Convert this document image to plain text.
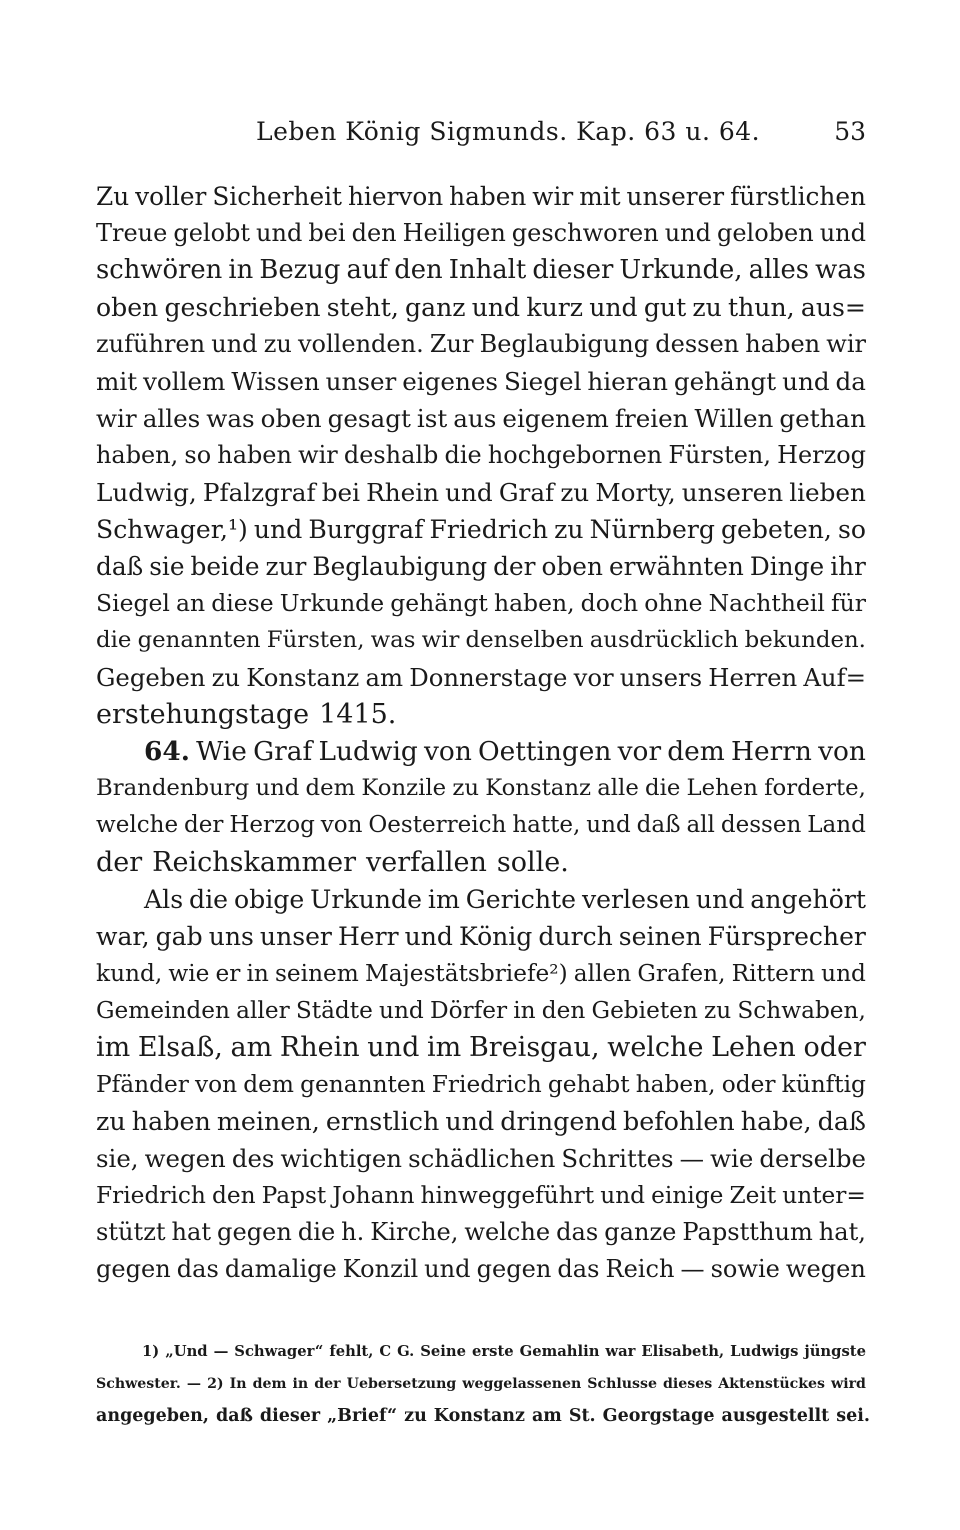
Leben König Sigmunds. Kap. 63 u. 64.	53
Zu voller Sicherheit hiervon haben wir mit unserer fürstlichen
Treue gelobt und bei den Heiligen geschworen und geloben und
schwören in Bezug auf den Inhalt dieser Urkunde, alles was
oben geschrieben steht, ganz und kurz und gut zu thun, aus=
zuführen und zu vollenden. Zur Beglaubigung dessen haben wir
mit vollem Wissen unser eigenes Siegel hieran gehängt und da
wir alles was oben gesagt ist aus eigenem freien Willen gethan
haben, so haben wir deshalb die hochgebornen Fürsten, Herzog
Ludwig, Pfalzgraf bei Rhein und Graf zu Morty, unseren lieben
Schwager,¹) und Burggraf Friedrich zu Nürnberg gebeten, so
daß sie beide zur Beglaubigung der oben erwähnten Dinge ihr
Siegel an diese Urkunde gehängt haben, doch ohne Nachtheil für
die genannten Fürsten, was wir denselben ausdrücklich bekunden.
Gegeben zu Konstanz am Donnerstage vor unsers Herren Auf=
erstehungstage 1415.
64. Wie Graf Ludwig von Oettingen vor dem Herrn von
Brandenburg und dem Konzile zu Konstanz alle die Lehen forderte,
welche der Herzog von Oesterreich hatte, und daß all dessen Land
der Reichskammer verfallen solle.
Als die obige Urkunde im Gerichte verlesen und angehört
war, gab uns unser Herr und König durch seinen Fürsprecher
kund, wie er in seinem Majestätsbriefe²) allen Grafen, Rittern und
Gemeinden aller Städte und Dörfer in den Gebieten zu Schwaben,
im Elsaß, am Rhein und im Breisgau, welche Lehen oder
Pfänder von dem genannten Friedrich gehabt haben, oder künftig
zu haben meinen, ernstlich und dringend befohlen habe, daß
sie, wegen des wichtigen schädlichen Schrittes — wie derselbe
Friedrich den Papst Johann hinweggeführt und einige Zeit unter=
stützt hat gegen die h. Kirche, welche das ganze Papstthum hat,
gegen das damalige Konzil und gegen das Reich — sowie wegen
1) „Und — Schwager“ fehlt, C G. Seine erste Gemahlin war Elisabeth, Ludwigs jüngste
Schwester. — 2) In dem in der Uebersetzung weggelassenen Schlusse dieses Aktenstückes wird
angegeben, daß dieser „Brief“ zu Konstanz am St. Georgstage ausgestellt sei.
